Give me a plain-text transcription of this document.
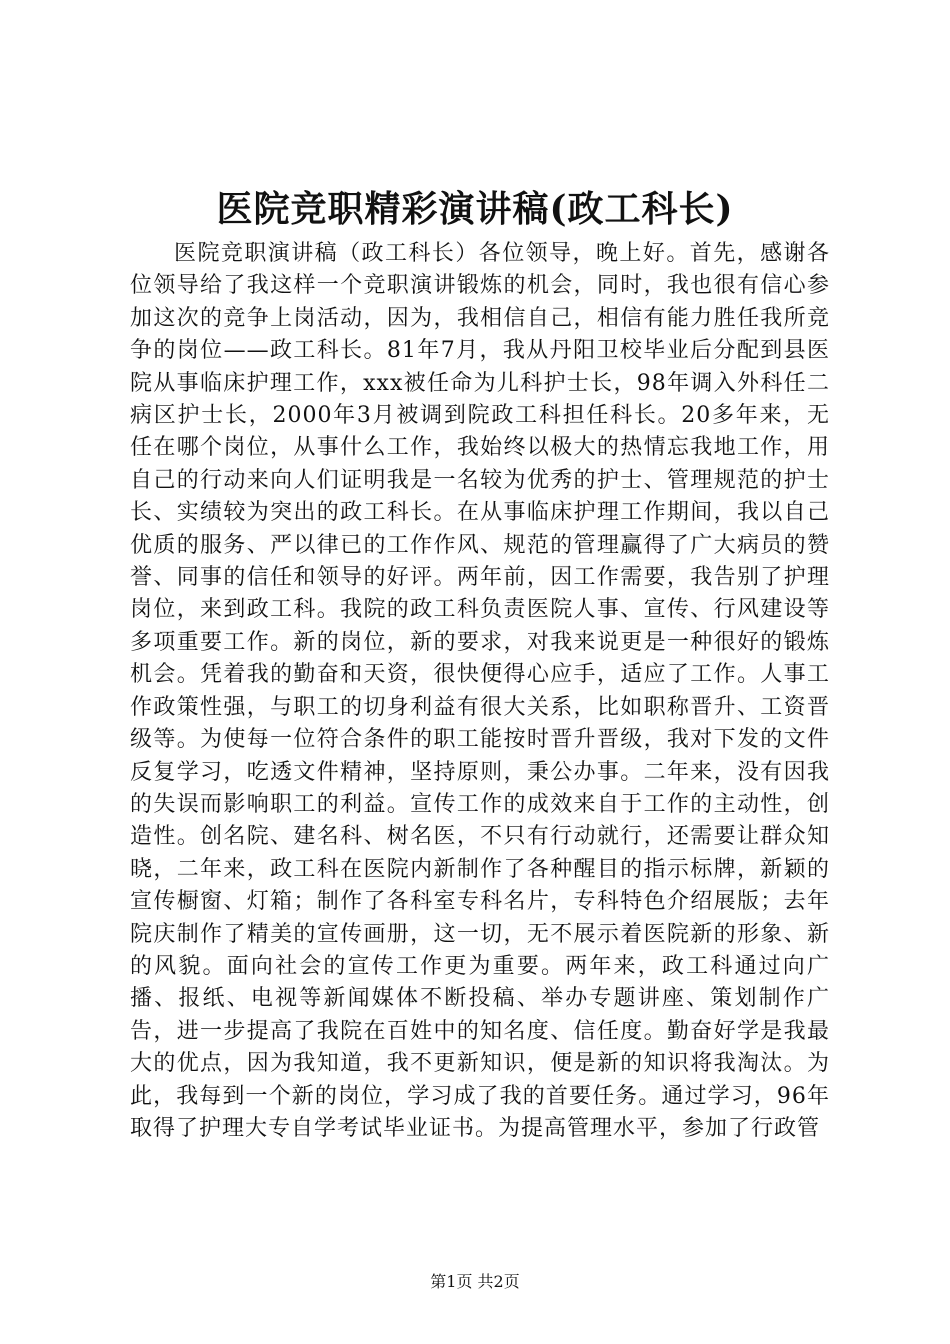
医院竞职精彩演讲稿(政工科长)

医院竞职演讲稿（政工科长）各位领导，晚上好。首先，感谢各位领导给了我这样一个竞职演讲锻炼的机会，同时，我也很有信心参加这次的竞争上岗活动，因为，我相信自己，相信有能力胜任我所竞争的岗位——政工科长。81年7月，我从丹阳卫校毕业后分配到县医院从事临床护理工作，xxx被任命为儿科护士长，98年调入外科任二病区护士长，2000年3月被调到院政工科担任科长。20多年来，无任在哪个岗位，从事什么工作，我始终以极大的热情忘我地工作，用自己的行动来向人们证明我是一名较为优秀的护士、管理规范的护士长、实绩较为突出的政工科长。在从事临床护理工作期间，我以自己优质的服务、严以律已的工作作风、规范的管理赢得了广大病员的赞誉、同事的信任和领导的好评。两年前，因工作需要，我告别了护理岗位，来到政工科。我院的政工科负责医院人事、宣传、行风建设等多项重要工作。新的岗位，新的要求，对我来说更是一种很好的锻炼机会。凭着我的勤奋和天资，很快便得心应手，适应了工作。人事工作政策性强，与职工的切身利益有很大关系，比如职称晋升、工资晋级等。为使每一位符合条件的职工能按时晋升晋级，我对下发的文件反复学习，吃透文件精神，坚持原则，秉公办事。二年来，没有因我的失误而影响职工的利益。宣传工作的成效来自于工作的主动性，创造性。创名院、建名科、树名医，不只有行动就行，还需要让群众知晓，二年来，政工科在医院内新制作了各种醒目的指示标牌，新颖的宣传橱窗、灯箱；制作了各科室专科名片，专科特色介绍展版；去年院庆制作了精美的宣传画册，这一切，无不展示着医院新的形象、新的风貌。面向社会的宣传工作更为重要。两年来，政工科通过向广播、报纸、电视等新闻媒体不断投稿、举办专题讲座、策划制作广告，进一步提高了我院在百姓中的知名度、信任度。勤奋好学是我最大的优点，因为我知道，我不更新知识，便是新的知识将我淘汰。为此，我每到一个新的岗位，学习成了我的首要任务。通过学习，96年取得了护理大专自学考试毕业证书。为提高管理水平，参加了行政管

第1页 共2页
